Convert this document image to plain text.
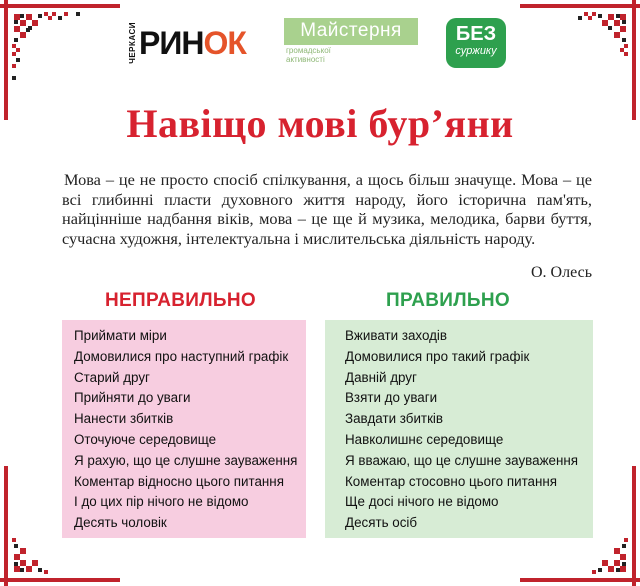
ЧЕРКАСИ РИНОК	Майстерня
громадської
активності
БЕЗ
суржику
Навіщо мові бур’яни
Мова – це не просто спосіб спілкування, а щось більш значуще. Мова – це всі глибинні пласти духовного життя народу, його історична пам'ять, найцінніше надбання віків, мова – це ще й музика, мелодика, барви буття, сучасна художня, інтелектуальна і мислительська діяльність народу.
О. Олесь
НЕПРАВИЛЬНО	ПРАВИЛЬНО
Приймати міри
Домовилися про наступний графік
Старий друг
Прийняти до уваги
Нанести збитків
Оточуюче середовище
Я рахую, що це слушне зауваження
Коментар відносно цього питання
І до цих пір нічого не відомо
Десять чоловік
Вживати заходів
Домовилися про такий графік
Давній друг
Взяти до уваги
Завдати збитків
Навколишнє середовище
Я вважаю, що це слушне зауваження
Коментар стосовно цього питання
Ще досі нічого не відомо
Десять осіб
